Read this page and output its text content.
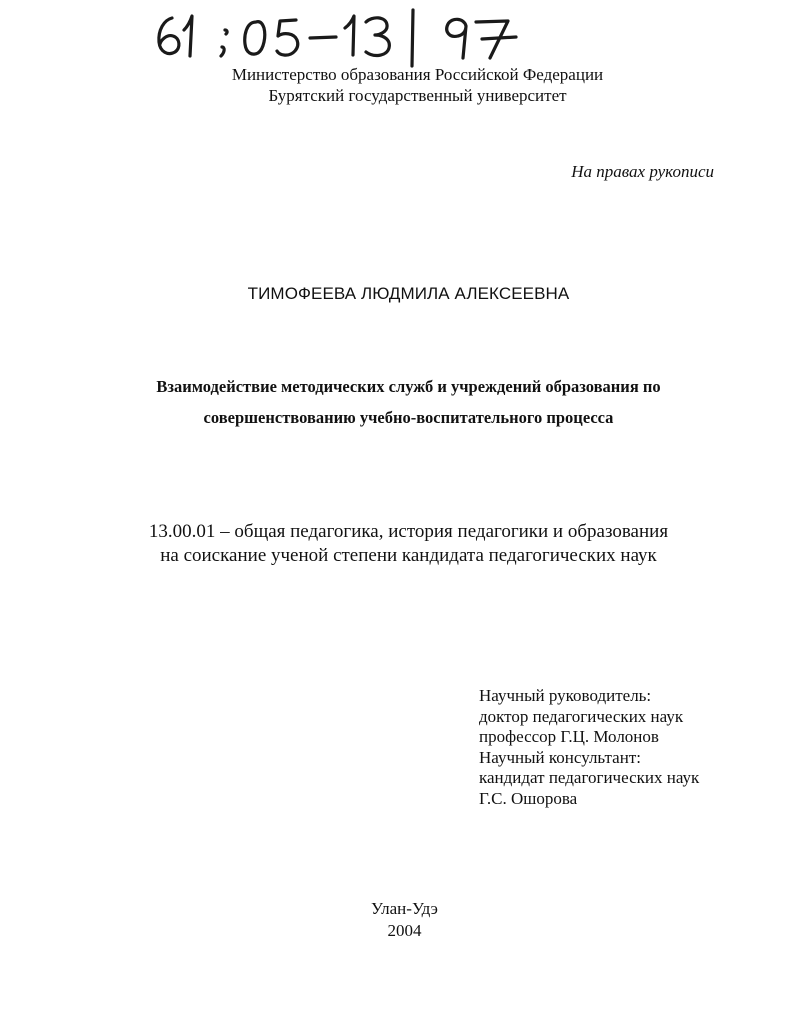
Министерство образования Российской Федерации
Бурятский государственный университет
На правах рукописи
ТИМОФЕЕВА ЛЮДМИЛА АЛЕКСЕЕВНА
Взаимодействие методических служб и учреждений образования по
совершенствованию учебно-воспитательного процесса
13.00.01 – общая педагогика, история педагогики и образования
на соискание ученой степени кандидата педагогических наук
Научный руководитель:
доктор педагогических наук
профессор Г.Ц. Молонов
Научный консультант:
кандидат педагогических наук
Г.С. Ошорова
Улан-Удэ
2004
